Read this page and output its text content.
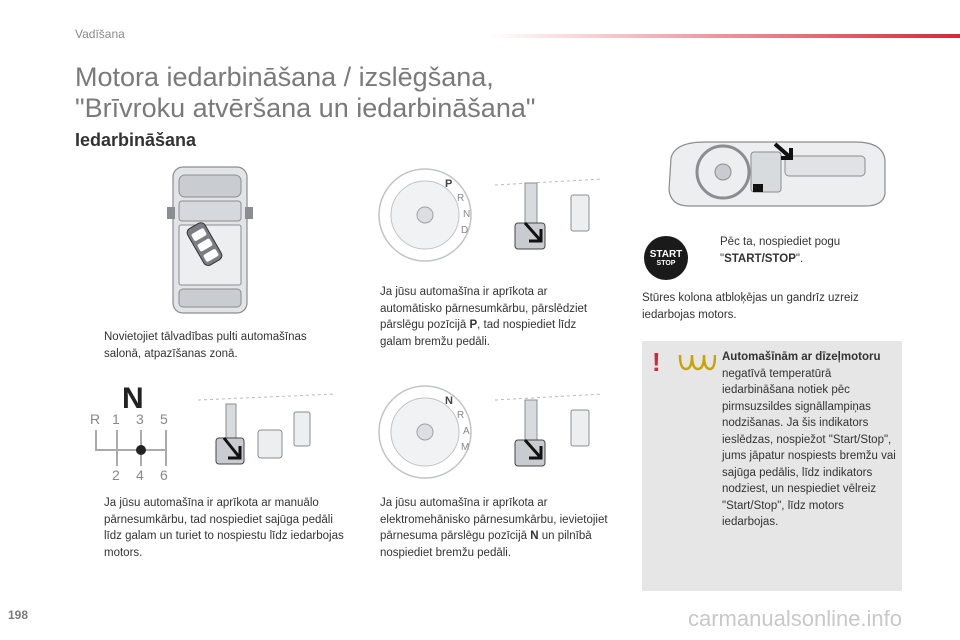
Vadīšana
Motora iedarbināšana / izslēgšana,
"Brīvroku atvēršana un iedarbināšana"
Iedarbināšana
P
R
N
D
N
R 1 3 5
2 4 6
N
R
A
M
START
STOP
Novietojiet tālvadības pulti automašīnas salonā, atpazīšanas zonā.
Ja jūsu automašīna ir aprīkota ar automātisko pārnesumkārbu, pārslēdziet pārslēgu pozīcijā P, tad nospiediet līdz galam bremžu pedāli.
Ja jūsu automašīna ir aprīkota ar manuālo pārnesumkārbu, tad nospiediet sajūga pedāli līdz galam un turiet to nospiestu līdz iedarbojas motors.
Ja jūsu automašīna ir aprīkota ar elektromehānisko pārnesumkārbu, ievietojiet pārnesuma pārslēgu pozīcijā N un pilnībā nospiediet bremžu pedāli.
Pēc ta, nospiediet pogu "START/STOP".
Stūres kolona atbloķējas un gandrīz uzreiz iedarbojas motors.
!	Automašīnām ar dīzeļmotoru negatīvā temperatūrā iedarbināšana notiek pēc pirmsuzsildes signāllampiņas nodzišanas. Ja šis indikators ieslēdzas, nospiežot "Start/Stop", jums jāpatur nospiests bremžu vai sajūga pedālis, līdz indikators nodziest, un nespiediet vēlreiz "Start/Stop", līdz motors iedarbojas.
198	carmanualsonline.info
